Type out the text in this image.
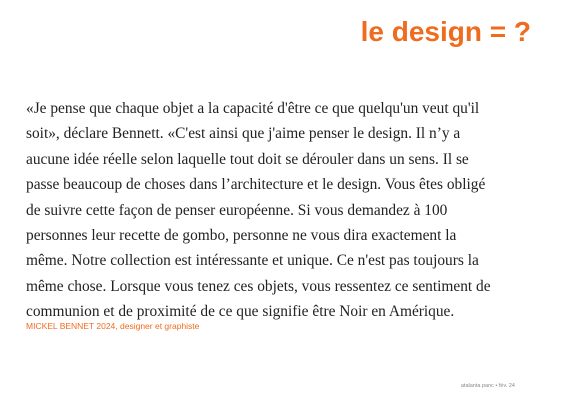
le design = ?

«Je pense que chaque objet a la capacité d'être ce que quelqu'un veut qu'il
soit», déclare Bennett. «C'est ainsi que j'aime penser le design. Il n’y a
aucune idée réelle selon laquelle tout doit se dérouler dans un sens. Il se
passe beaucoup de choses dans l’architecture et le design. Vous êtes obligé
de suivre cette façon de penser européenne. Si vous demandez à 100
personnes leur recette de gombo, personne ne vous dira exactement la
même. Notre collection est intéressante et unique. Ce n'est pas toujours la
même chose. Lorsque vous tenez ces objets, vous ressentez ce sentiment de
communion et de proximité de ce que signifie être Noir en Amérique.

MICKEL BENNET 2024, designer et graphiste
atalanta panc • fév. 24
